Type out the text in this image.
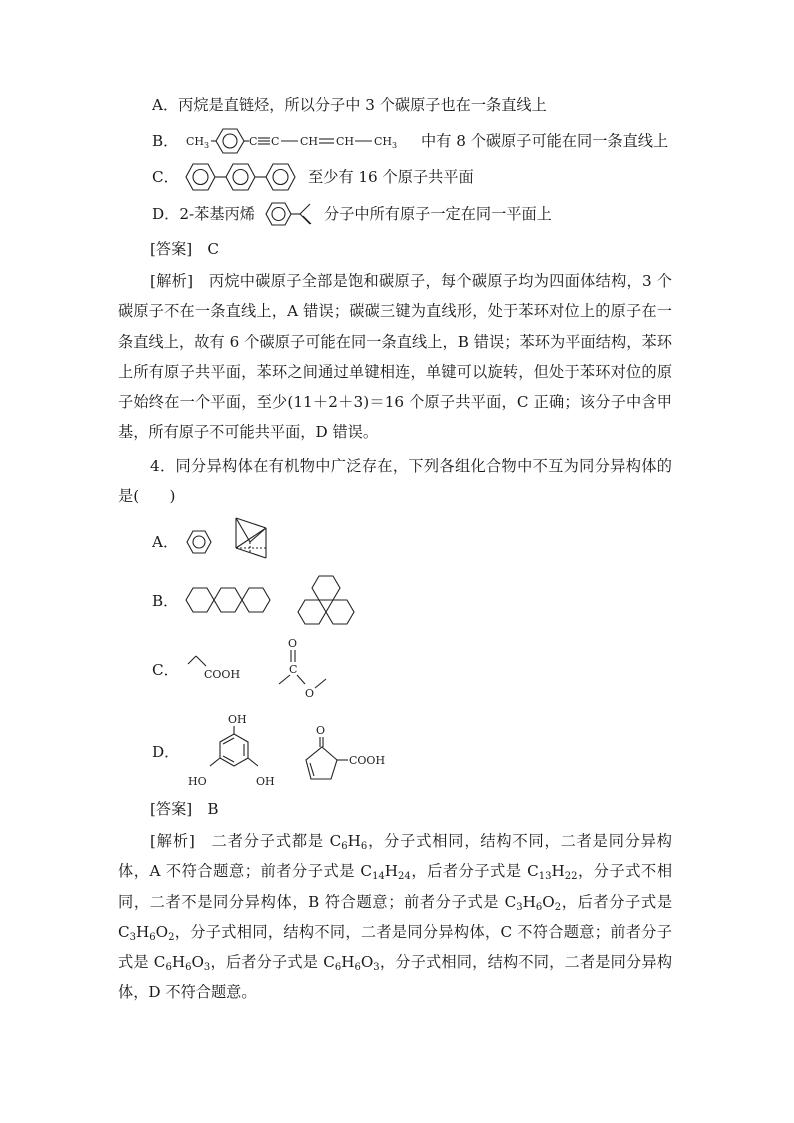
A．丙烷是直链烃，所以分子中 3 个碳原子也在一条直线上
B． CH 3	C C CH CH CH 3 中有 8 个碳原子可能在同一条直线上
C．	至少有 16 个原子共平面
D．2-苯基丙烯	分子中所有原子一定在同一平面上
[答案]　 C
[解析]　 丙烷中碳原子全部是饱和碳原子，每个碳原子均为四面体结构，3 个碳原子不在一条直线上，A 错误；碳碳三键为直线形，处于苯环对位上的原子在一条直线上，故有 6 个碳原子可能在同一条直线上，B 错误；苯环为平面结构，苯环上所有原子共平面，苯环之间通过单键相连，单键可以旋转，但处于苯环对位的原子始终在一个平面，至少(11＋2＋3)＝16 个原子共平面，C 正确；该分子中含甲基，所有原子不可能共平面，D 错误。
4．同分异构体在有机物中广泛存在，下列各组化合物中不互为同分异构体的是(　　)
A．
B．
C． COOH
O
C
O
D．
OH
HO	OH
O
COOH
[答案]　 B
[解析]　 二者分子式都是 $C_6H_6$，分子式相同，结构不同，二者是同分异构体，A 不符合题意；前者分子式是 $C_{14}H_{24}$，后者分子式是 $C_{13}H_{22}$，分子式不相同，二者不是同分异构体，B 符合题意；前者分子式是 $C_3H_6O_2$，后者分子式是 $C_3H_6O_2$，分子式相同，结构不同，二者是同分异构体，C 不符合题意；前者分子式是 $C_6H_6O_3$，后者分子式是 $C_6H_6O_3$，分子式相同，结构不同，二者是同分异构体，D 不符合题意。
